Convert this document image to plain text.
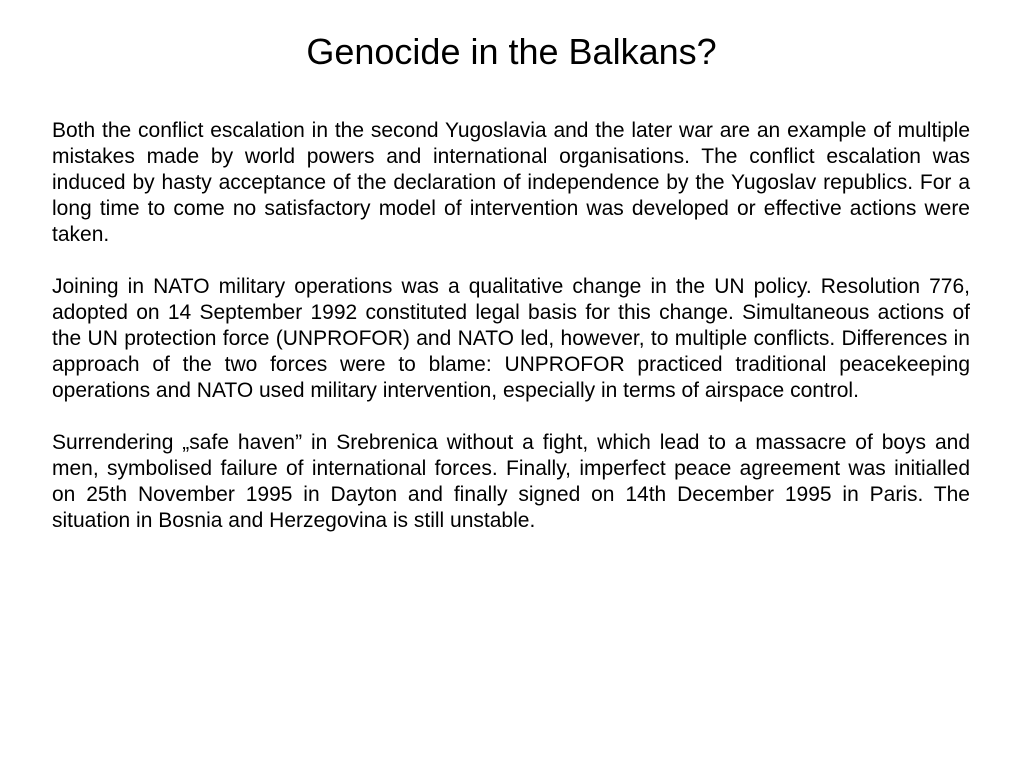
Genocide in the Balkans?

Both the conflict escalation in the second Yugoslavia and the later war are an example of multiple mistakes made by world powers and international organisations. The conflict escalation was induced by hasty acceptance of the declaration of independence by the Yugoslav republics. For a long time to come no satisfactory model of intervention was developed or effective actions were taken.

Joining in NATO military operations was a qualitative change in the UN policy. Resolution 776, adopted on 14 September 1992 constituted legal basis for this change. Simultaneous actions of the UN protection force (UNPROFOR) and NATO led, however, to multiple conflicts. Differences in approach of the two forces were to blame: UNPROFOR practiced traditional peacekeeping operations and NATO used military intervention, especially in terms of airspace control.

Surrendering „safe haven” in Srebrenica without a fight, which lead to a massacre of boys and men, symbolised failure of international forces. Finally, imperfect peace agreement was initialled on 25th November 1995 in Dayton and finally signed on 14th December 1995 in Paris. The situation in Bosnia and Herzegovina is still unstable.
